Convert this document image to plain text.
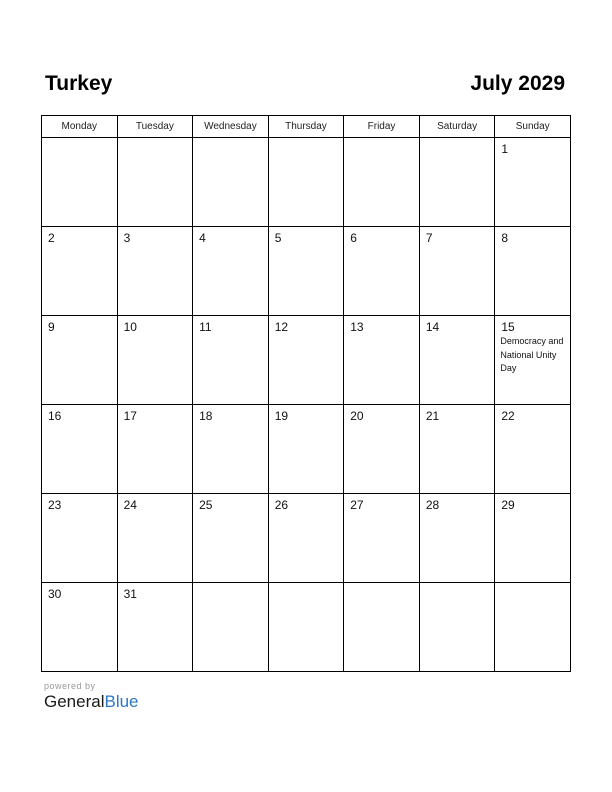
Turkey	July 2029
Monday	Tuesday	Wednesday	Thursday	Friday	Saturday	Sunday

						1

2	3	4	5	6	7	8

9	10	11	12	13	14	15
Democracy and National Unity Day

16	17	18	19	20	21	22

23	24	25	26	27	28	29

30	31					

powered by
GeneralBlue
